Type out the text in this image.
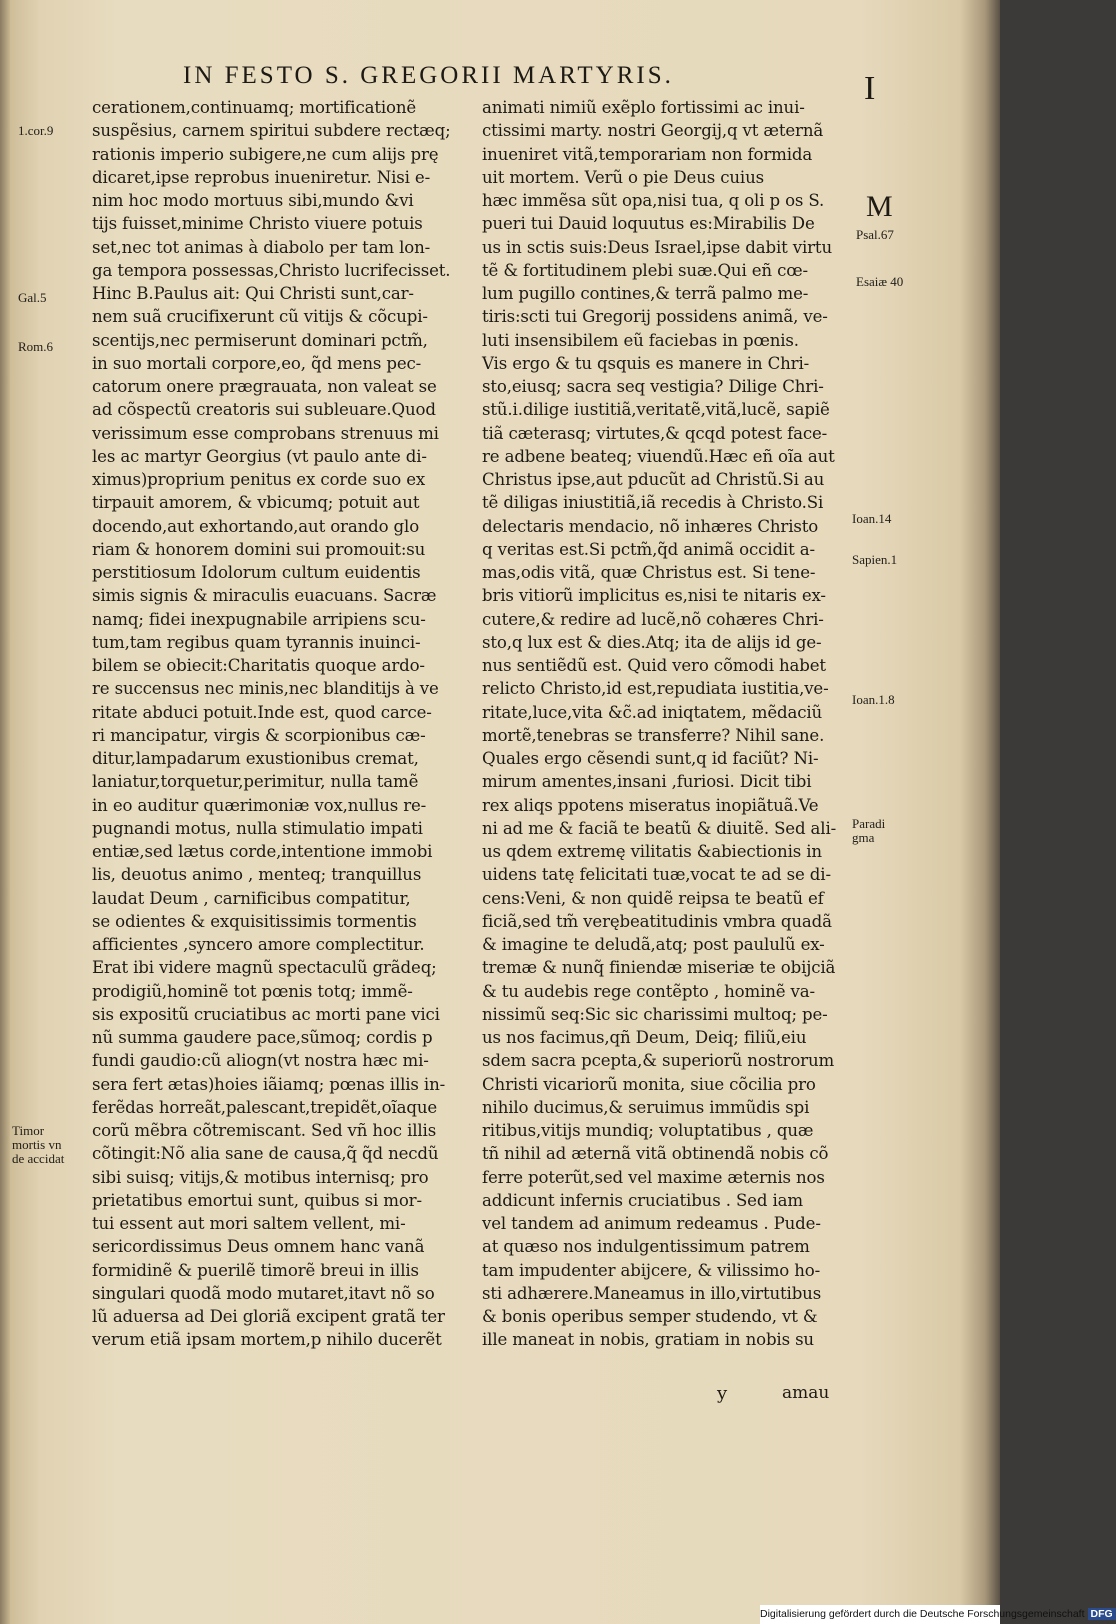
IN FESTO S. GREGORII MARTYRIS.	I
cerationem,continuamq; mortificationẽ
suspẽsius, carnem spiritui subdere rectæq;
rationis imperio subigere,ne cum alijs prę
dicaret,ipse reprobus inueniretur. Nisi e-
nim hoc modo mortuus sibi,mundo &vi
tijs fuisset,minime Christo viuere potuis
set,nec tot animas à diabolo per tam lon-
ga tempora possessas,Christo lucrifecisset.
Hinc B.Paulus ait: Qui Christi sunt,car-
nem suã crucifixerunt cũ vitijs & cõcupi-
scentijs,nec permiserunt dominari pctm̃,
in suo mortali corpore,eo, q̃d mens pec-
catorum onere prægrauata, non valeat se
ad cõspectũ creatoris sui subleuare.Quod
verissimum esse comprobans strenuus mi
les ac martyr Georgius (vt paulo ante di-
ximus)proprium penitus ex corde suo ex
tirpauit amorem, & vbicumq; potuit aut
docendo,aut exhortando,aut orando glo
riam & honorem domini sui promouit:su
perstitiosum Idolorum cultum euidentis
simis signis & miraculis euacuans. Sacræ
namq; fidei inexpugnabile arripiens scu-
tum,tam regibus quam tyrannis inuinci-
bilem se obiecit:Charitatis quoque ardo-
re succensus nec minis,nec blanditijs à ve
ritate abduci potuit.Inde est, quod carce-
ri mancipatur, virgis & scorpionibus cæ-
ditur,lampadarum exustionibus cremat,
laniatur,torquetur,perimitur, nulla tamẽ
in eo auditur quærimoniæ vox,nullus re-
pugnandi motus, nulla stimulatio impati
entiæ,sed lætus corde,intentione immobi
lis, deuotus animo , menteq; tranquillus
laudat Deum , carnificibus compatitur,
se odientes & exquisitissimis tormentis
afficientes ,syncero amore complectitur.
Erat ibi videre magnũ spectaculũ grãdeq;
prodigiũ,hominẽ tot pœnis totq; immẽ-
sis expositũ cruciatibus ac morti pane vici
nũ summa gaudere pace,sũmoq; cordis p
fundi gaudio:cũ aliogn(vt nostra hæc mi-
sera fert ætas)hoies iãiamq; pœnas illis in-
ferẽdas horreãt,palescant,trepidẽt,oĩaque
corũ mẽbra cõtremiscant. Sed vñ hoc illis
cõtingit:Nõ alia sane de causa,q̃ q̃d necdũ
sibi suisq; vitijs,& motibus internisq; pro
prietatibus emortui sunt, quibus si mor-
tui essent aut mori saltem vellent, mi-
sericordissimus Deus omnem hanc vanã
formidinẽ & puerilẽ timorẽ breui in illis
singulari quodã modo mutaret,itavt nõ so
lũ aduersa ad Dei gloriã excipent gratã ter
verum etiã ipsam mortem,p nihilo ducerẽt
animati nimiũ exẽplo fortissimi ac inui-
ctissimi marty. nostri Georgij,q vt æternã
inueniret vitã,temporariam non formida
uit mortem. Verũ o pie Deus cuius
hæc immẽsa sũt opa,nisi tua, q oli p os S.
pueri tui Dauid loquutus es:Mirabilis De
us in sctis suis:Deus Israel,ipse dabit virtu
tẽ & fortitudinem plebi suæ.Qui eñ cœ-
lum pugillo contines,& terrã palmo me-
tiris:scti tui Gregorij possidens animã, ve-
luti insensibilem eũ faciebas in pœnis.
Vis ergo & tu qsquis es manere in Chri-
sto,eiusq; sacra seq vestigia? Dilige Chri-
stũ.i.dilige iustitiã,veritatẽ,vitã,lucẽ, sapiẽ
tiã cæterasq; virtutes,& qcqd potest face-
re adbene beateq; viuendũ.Hæc eñ oĩa aut
Christus ipse,aut pducũt ad Christũ.Si au
tẽ diligas iniustitiã,iã recedis à Christo.Si
delectaris mendacio, nõ inhæres Christo
q veritas est.Si pctm̃,q̃d animã occidit a-
mas,odis vitã, quæ Christus est. Si tene-
bris vitiorũ implicitus es,nisi te nitaris ex-
cutere,& redire ad lucẽ,nõ cohæres Chri-
sto,q lux est & dies.Atq; ita de alijs id ge-
nus sentiẽdũ est. Quid vero cõmodi habet
relicto Christo,id est,repudiata iustitia,ve-
ritate,luce,vita &c̃.ad iniqtatem, mẽdaciũ
mortẽ,tenebras se transferre? Nihil sane.
Quales ergo cẽsendi sunt,q id faciũt? Ni-
mirum amentes,insani ,furiosi. Dicit tibi
rex aliqs ppotens miseratus inopiãtuã.Ve
ni ad me & faciã te beatũ & diuitẽ. Sed ali-
us qdem extremę vilitatis &abiectionis in
uidens tatę felicitati tuæ,vocat te ad se di-
cens:Veni, & non quidẽ reipsa te beatũ ef
ficiã,sed tm̃ verębeatitudinis vmbra quadã
& imagine te deludã,atq; post paululũ ex-
tremæ & nunq̃ finiendæ miseriæ te obijciã
& tu audebis rege contẽpto , hominẽ va-
nissimũ seq:Sic sic charissimi multoq; pe-
us nos facimus,qñ Deum, Deiq; filiũ,eiu
sdem sacra pcepta,& superiorũ nostrorum
Christi vicariorũ monita, siue cõcilia pro
nihilo ducimus,& seruimus immũdis spi
ritibus,vitijs mundiq; voluptatibus , quæ
tñ nihil ad æternã vitã obtinendã nobis cõ
ferre poterũt,sed vel maxime æternis nos
addicunt infernis cruciatibus . Sed iam
vel tandem ad animum redeamus . Pude-
at quæso nos indulgentissimum patrem
tam impudenter abijcere, & vilissimo ho-
sti adhærere.Maneamus in illo,virtutibus
& bonis operibus semper studendo, vt &
ille maneat in nobis, gratiam in nobis su
1.cor.9
Gal.5
Rom.6
Timor mortis vn de accidat
M
Psal.67
Esaiæ 40
Ioan.14
Sapien.1
Ioan.1.8
Paradi gma
y	amau
Digitalisierung gefördert durch die Deutsche Forschungsgemeinschaft DFG
